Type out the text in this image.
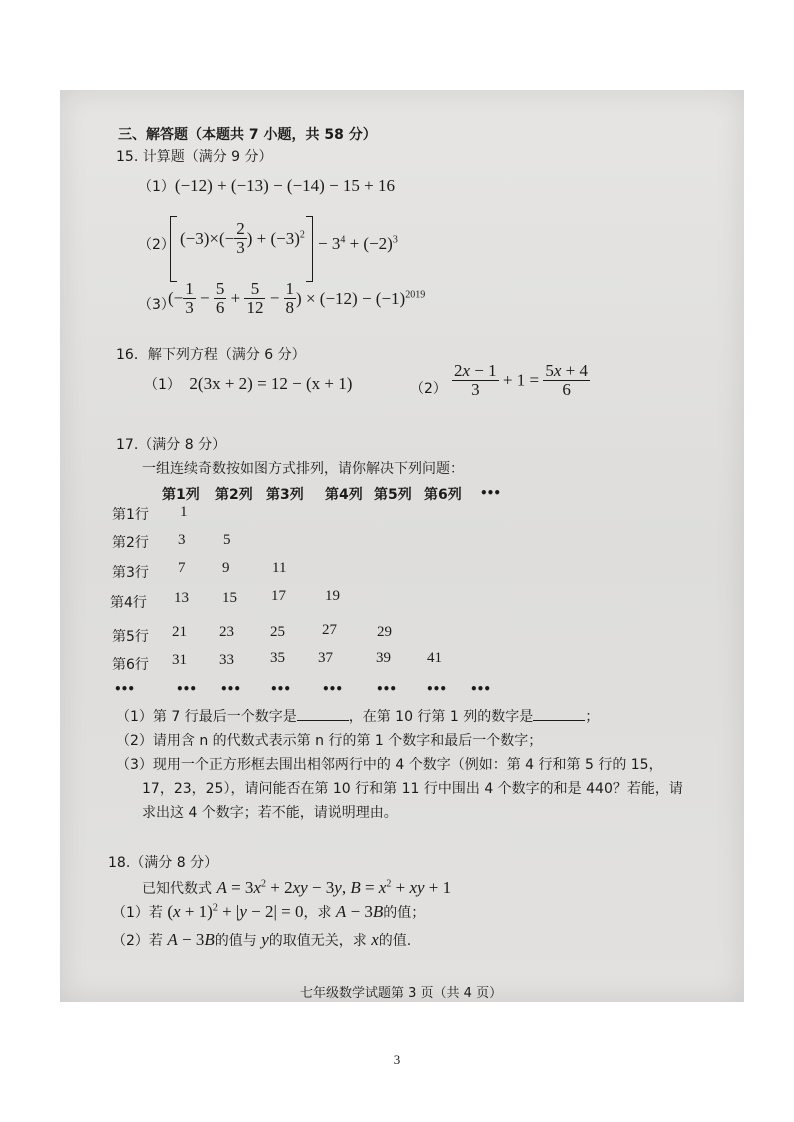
三、解答题（本题共 7 小题，共 58 分）
15. 计算题（满分 9 分）
（1）(−12) + (−13) − (−14) − 15 + 16
（2） $(-3)\times(- \frac{2}{3}$ ) + $(-3)^2 - 3^4 + (-2)^3$
（3）
(− $\frac{1}{3} - \frac{5}{6} + \frac{5}{12} - \frac{1}{8}$ ) × $(-12) - (-1)^{2019}$
16．解下列方程（满分 6 分）
（1） 2(3x + 2) = 12 − (x + 1)	$(2) \frac{2x - 1}{3} + 1 = \frac{5x + 4}{6}$
17.（满分 8 分）
一组连续奇数按如图方式排列，请你解决下列问题：
第1列 第2列 第3列 第4列 第5列 第6列 •••
第1行 1
第2行 3	5
第3行 7 9	11
第4行 13 15 17	19
第5行 21 23 25 27	29
第6行 31 33 35 37	39 41
•••	••• ••• •••	•••	••• ••• •••
（1）第 7 行最后一个数字是	，在第 10 行第 1 列的数字是	；
（2）请用含 n 的代数式表示第 n 行的第 1 个数字和最后一个数字；
（3）现用一个正方形框去围出相邻两行中的 4 个数字（例如：第 4 行和第 5 行的 15，
17，23，25），请问能否在第 10 行和第 11 行中围出 4 个数字的和是 440？若能，请
求出这 4 个数字；若不能，请说明理由。
18.（满分 8 分）
已知代数式 $A = 3x^2 + 2xy - 3y$, $B = x^2$ + xy + 1
（1）若 $(x + 1)^2 + |y - 2| = 0$，求 A − 3B的值；
（2）若 A − 3B的值与 y的取值无关，求 x的值.
七年级数学试题第 3 页（共 4 页）
3
